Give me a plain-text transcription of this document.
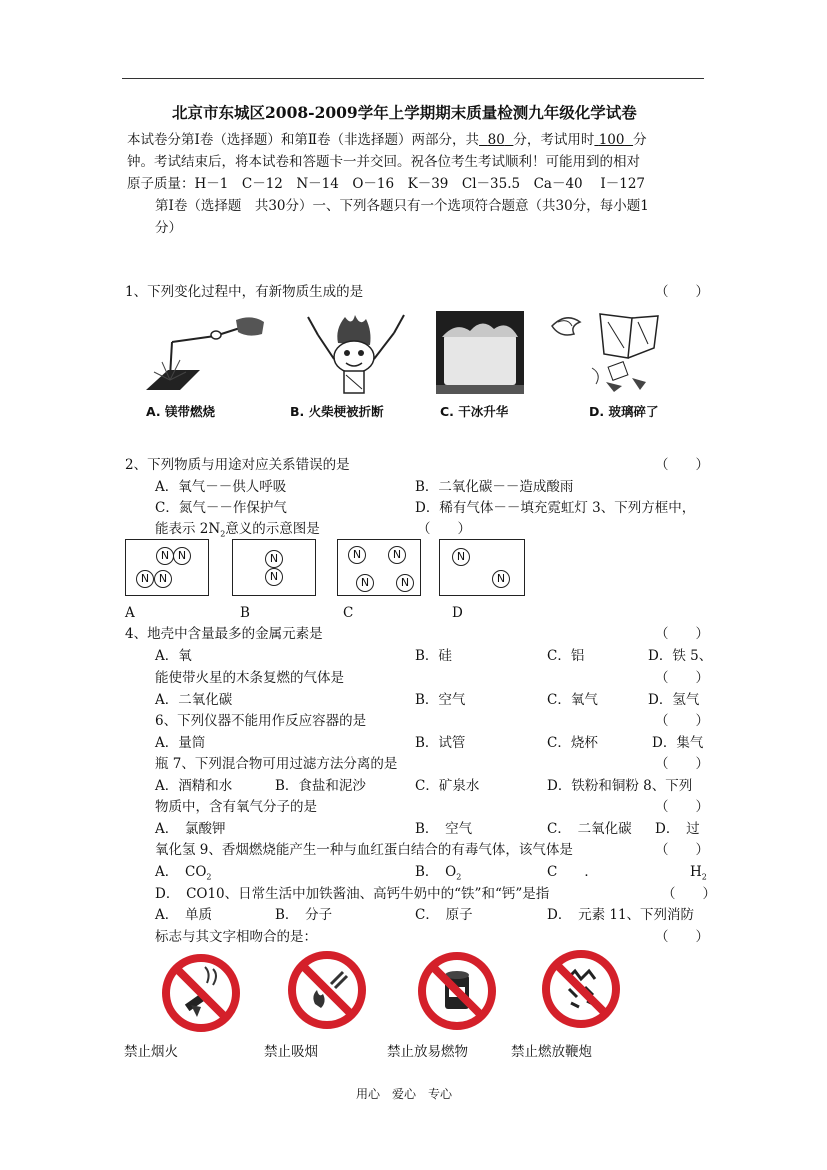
北京市东城区2008-2009学年上学期期末质量检测九年级化学试卷
本试卷分第Ⅰ卷（选择题）和第Ⅱ卷（非选择题）两部分，共 80 分，考试用时 100 分
钟。考试结束后，将本试卷和答题卡一并交回。祝各位考生考试顺利！可能用到的相对
原子质量：H－1　C－12　N－14　O－16　K－39　Cl－35.5　Ca－40　 I－127
第Ⅰ卷（选择题　共30分）一、下列各题只有一个选项符合题意（共30分，每小题1
分）
1、下列变化过程中，有新物质生成的是	（　　）
A. 镁带燃烧	B. 火柴梗被折断	C. 干冰升华	D. 玻璃碎了
2、下列物质与用途对应关系错误的是	（　　）
A．氧气－－供人呼吸	B．二氧化碳－－造成酸雨
C．氮气－－作保护气	D．稀有气体－－填充霓虹灯 3、下列方框中，
能表示 $2N_2$意义的示意图是	（　　）
N N
N N
N
N
N	N
N	N
N
N
A	B	C	D
4、地壳中含量最多的金属元素是	（　　）
A．氧	B．硅	C．铝	D．铁 5、
能使带火星的木条复燃的气体是	（　　）
A．二氧化碳	B．空气	C．氧气	D．氢气
6、下列仪器不能用作反应容器的是	（　　）
A．量筒	B．试管	C．烧杯	D．集气
瓶 7、下列混合物可用过滤方法分离的是	（　　）
A．酒精和水	B．食盐和泥沙	C．矿泉水	D．铁粉和铜粉 8、下列
物质中，含有氧气分子的是	（　　）
A．　氯酸钾	B．　空气	C．　二氧化碳 D．　过
氧化氢 9、香烟燃烧能产生一种与血红蛋白结合的有毒气体，该气体是	（　　）
A．　$CO_2$	B．　$O_2$	C　　．	$H_2$
D．　CO10、日常生活中加铁酱油、高钙牛奶中的“铁”和“钙”是指	（　　）
A．　单质	B．　分子	C．　原子	D．　元素 11、下列消防
标志与其文字相吻合的是：	（　　）
禁止烟火	禁止吸烟	禁止放易燃物	禁止燃放鞭炮
用心　爱心　专心
